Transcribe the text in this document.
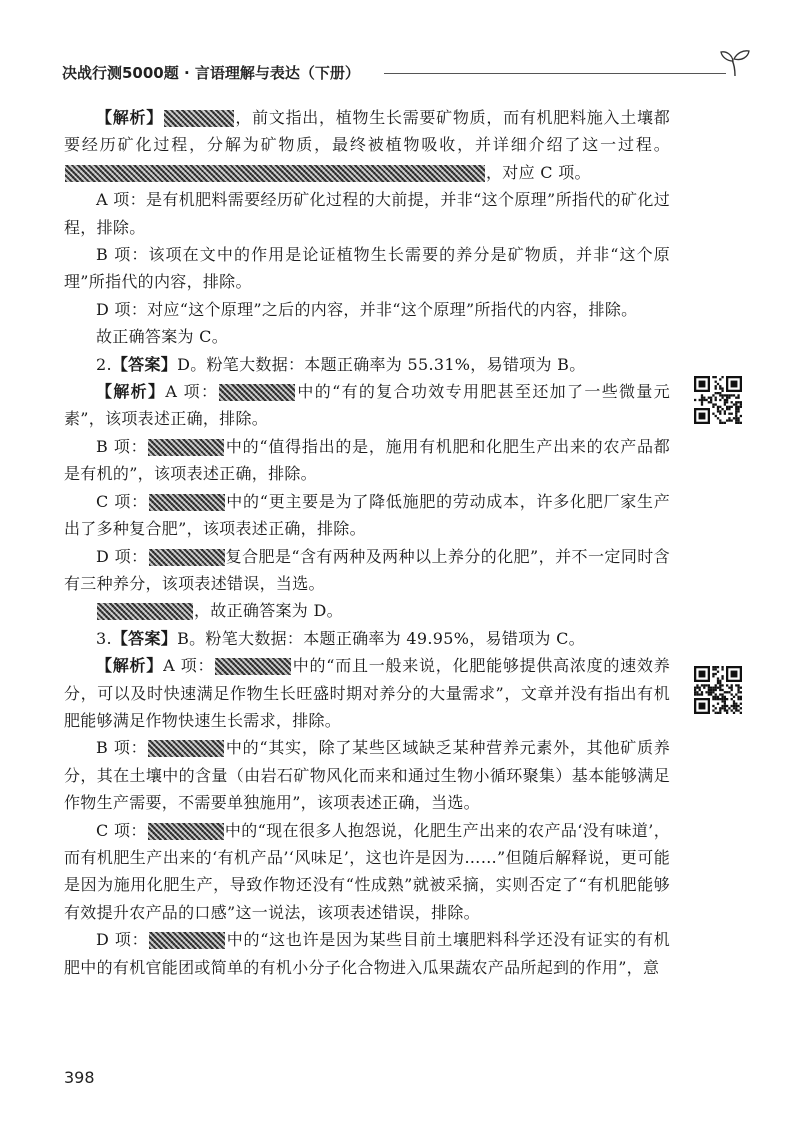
决战行测5000题 · 言语理解与表达（下册）

【解析】	，前文指出，植物生长需要矿物质，而有机肥料施入土壤都要经历矿化过程，分解为矿物质，最终被植物吸收，并详细介绍了这一过程。，对应 C 项。

A 项：是有机肥料需要经历矿化过程的大前提，并非“这个原理”所指代的矿化过程，排除。

B 项：该项在文中的作用是论证植物生长需要的养分是矿物质，并非“这个原理”所指代的内容，排除。

D 项：对应“这个原理”之后的内容，并非“这个原理”所指代的内容，排除。

故正确答案为 C。

2.【答案】D。粉笔大数据：本题正确率为 55.31%，易错项为 B。

【解析】A 项：	中的“有的复合功效专用肥甚至还加了一些微量元素”，该项表述正确，排除。

B 项：	中的“值得指出的是，施用有机肥和化肥生产出来的农产品都是有机的”，该项表述正确，排除。

C 项：	中的“更主要是为了降低施肥的劳动成本，许多化肥厂家生产出了多种复合肥”，该项表述正确，排除。

D 项：	复合肥是“含有两种及两种以上养分的化肥”，并不一定同时含有三种养分，该项表述错误，当选。

，故正确答案为 D。

3.【答案】B。粉笔大数据：本题正确率为 49.95%，易错项为 C。

【解析】A 项：	中的“而且一般来说，化肥能够提供高浓度的速效养分，可以及时快速满足作物生长旺盛时期对养分的大量需求”，文章并没有指出有机肥能够满足作物快速生长需求，排除。

B 项：	中的“其实，除了某些区域缺乏某种营养元素外，其他矿质养分，其在土壤中的含量（由岩石矿物风化而来和通过生物小循环聚集）基本能够满足作物生产需要，不需要单独施用”，该项表述正确，当选。

C 项：	中的“现在很多人抱怨说，化肥生产出来的农产品‘没有味道’，而有机肥生产出来的‘有机产品’‘风味足’，这也许是因为……”但随后解释说，更可能是因为施用化肥生产，导致作物还没有“性成熟”就被采摘，实则否定了“有机肥能够有效提升农产品的口感”这一说法，该项表述错误，排除。

D 项：	中的“这也许是因为某些目前土壤肥料科学还没有证实的有机肥中的有机官能团或简单的有机小分子化合物进入瓜果蔬农产品所起到的作用”，意

398
